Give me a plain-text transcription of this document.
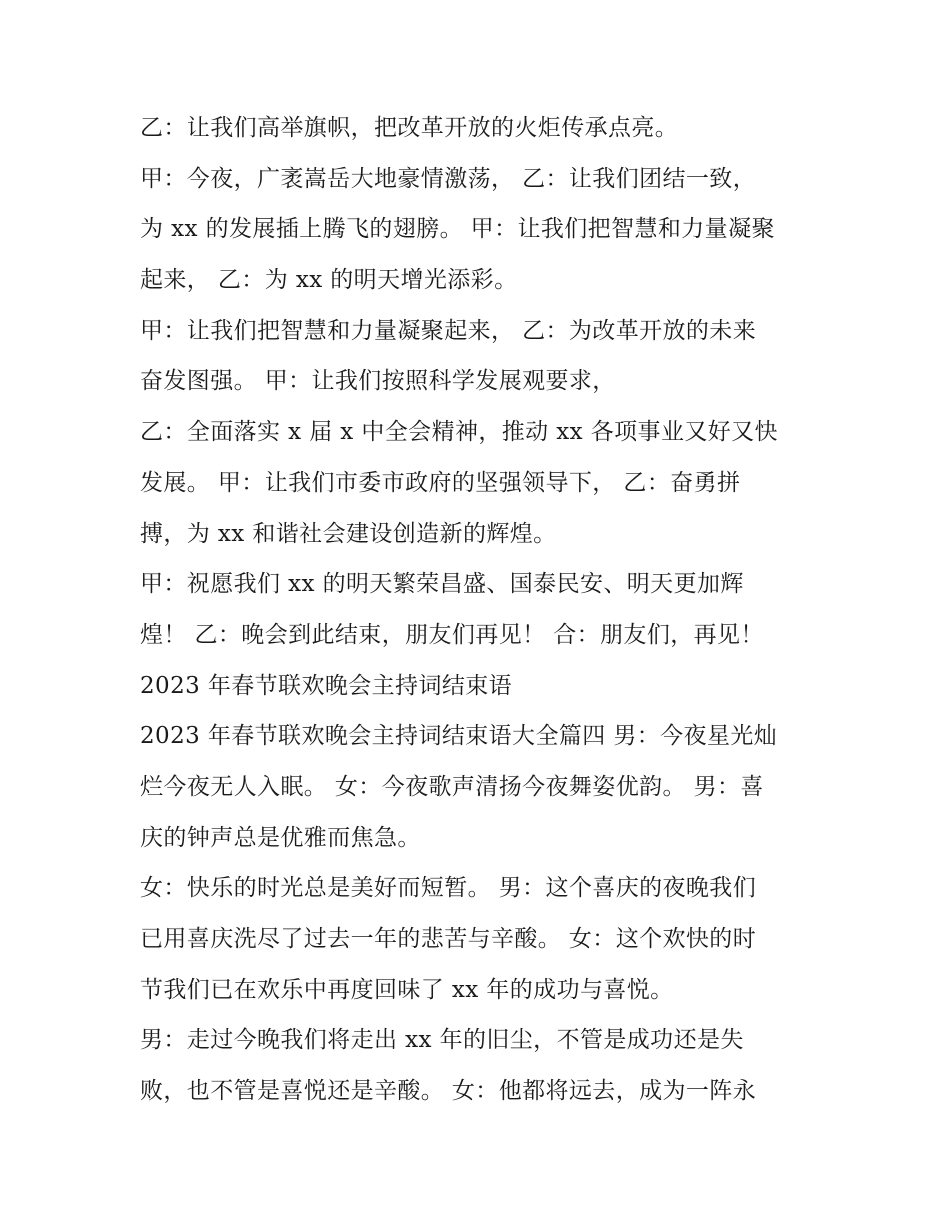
乙：让我们高举旗帜，把改革开放的火炬传承点亮。
甲：今夜，广袤嵩岳大地豪情激荡， 乙：让我们团结一致，
为 xx 的发展插上腾飞的翅膀。 甲：让我们把智慧和力量凝聚
起来， 乙：为 xx 的明天增光添彩。
甲：让我们把智慧和力量凝聚起来， 乙：为改革开放的未来
奋发图强。 甲：让我们按照科学发展观要求，
乙：全面落实 x 届 x 中全会精神，推动 xx 各项事业又好又快
发展。 甲：让我们市委市政府的坚强领导下， 乙：奋勇拼
搏，为 xx 和谐社会建设创造新的辉煌。
甲：祝愿我们 xx 的明天繁荣昌盛、国泰民安、明天更加辉
煌！ 乙：晚会到此结束，朋友们再见！ 合：朋友们，再见！
2023 年春节联欢晚会主持词结束语
2023 年春节联欢晚会主持词结束语大全篇四 男：今夜星光灿
烂今夜无人入眠。 女：今夜歌声清扬今夜舞姿优韵。 男：喜
庆的钟声总是优雅而焦急。
女：快乐的时光总是美好而短暂。 男：这个喜庆的夜晚我们
已用喜庆洗尽了过去一年的悲苦与辛酸。 女：这个欢快的时
节我们已在欢乐中再度回味了 xx 年的成功与喜悦。
男：走过今晚我们将走出 xx 年的旧尘，不管是成功还是失
败，也不管是喜悦还是辛酸。 女：他都将远去，成为一阵永
